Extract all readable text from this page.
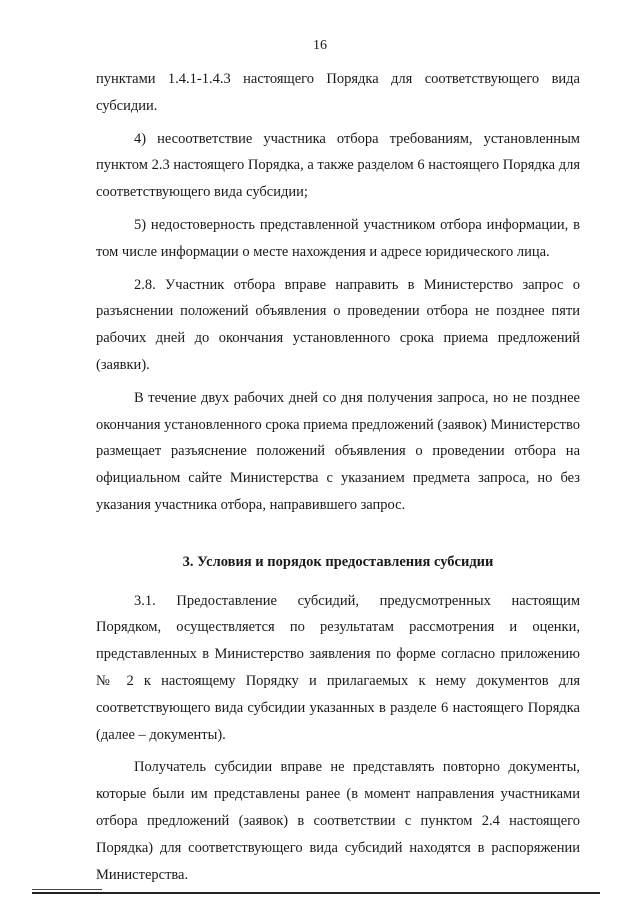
16

пунктами 1.4.1-1.4.3 настоящего Порядка для соответствующего вида субсидии.

4) несоответствие участника отбора требованиям, установленным пунктом 2.3 настоящего Порядка, а также разделом 6 настоящего Порядка для соответствующего вида субсидии;

5) недостоверность представленной участником отбора информации, в том числе информации о месте нахождения и адресе юридического лица.

2.8. Участник отбора вправе направить в Министерство запрос о разъяснении положений объявления о проведении отбора не позднее пяти рабочих дней до окончания установленного срока приема предложений (заявки).

В течение двух рабочих дней со дня получения запроса, но не позднее окончания установленного срока приема предложений (заявок) Министерство размещает разъяснение положений объявления о проведении отбора на официальном сайте Министерства с указанием предмета запроса, но без указания участника отбора, направившего запрос.

3. Условия и порядок предоставления субсидии

3.1. Предоставление субсидий, предусмотренных настоящим Порядком, осуществляется по результатам рассмотрения и оценки, представленных в Министерство заявления по форме согласно приложению № 2 к настоящему Порядку и прилагаемых к нему документов для соответствующего вида субсидии указанных в разделе 6 настоящего Порядка (далее – документы).

Получатель субсидии вправе не представлять повторно документы, которые были им представлены ранее (в момент направления участниками отбора предложений (заявок) в соответствии с пунктом 2.4 настоящего Порядка) для соответствующего вида субсидий находятся в распоряжении Министерства.
